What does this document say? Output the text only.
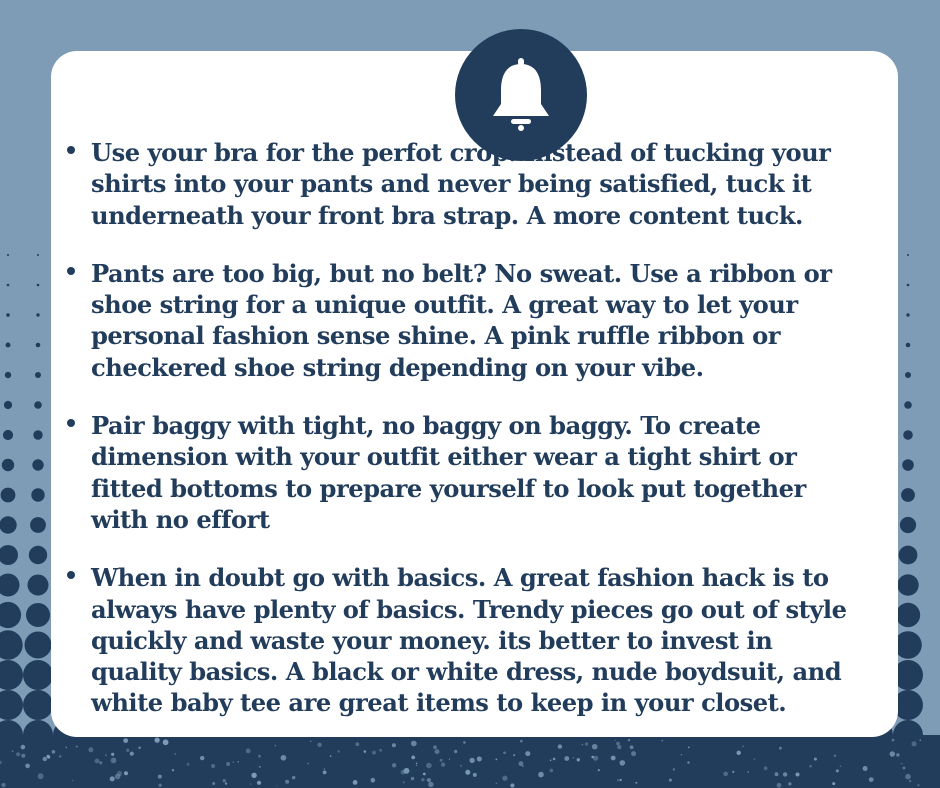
Use your bra for the perfot crop. Instead of tucking your shirts into your pants and never being satisfied, tuck it underneath your front bra strap. A more content tuck.
Pants are too big, but no belt? No sweat. Use a ribbon or shoe string for a unique outfit. A great way to let your personal fashion sense shine. A pink ruffle ribbon or checkered shoe string depending on your vibe.
Pair baggy with tight, no baggy on baggy. To create dimension with your outfit either wear a tight shirt or fitted bottoms to prepare yourself to look put together with no effort
When in doubt go with basics. A great fashion hack is to always have plenty of basics. Trendy pieces go out of style quickly and waste your money. its better to invest in quality basics. A black or white dress, nude boydsuit, and white baby tee are great items to keep in your closet.
